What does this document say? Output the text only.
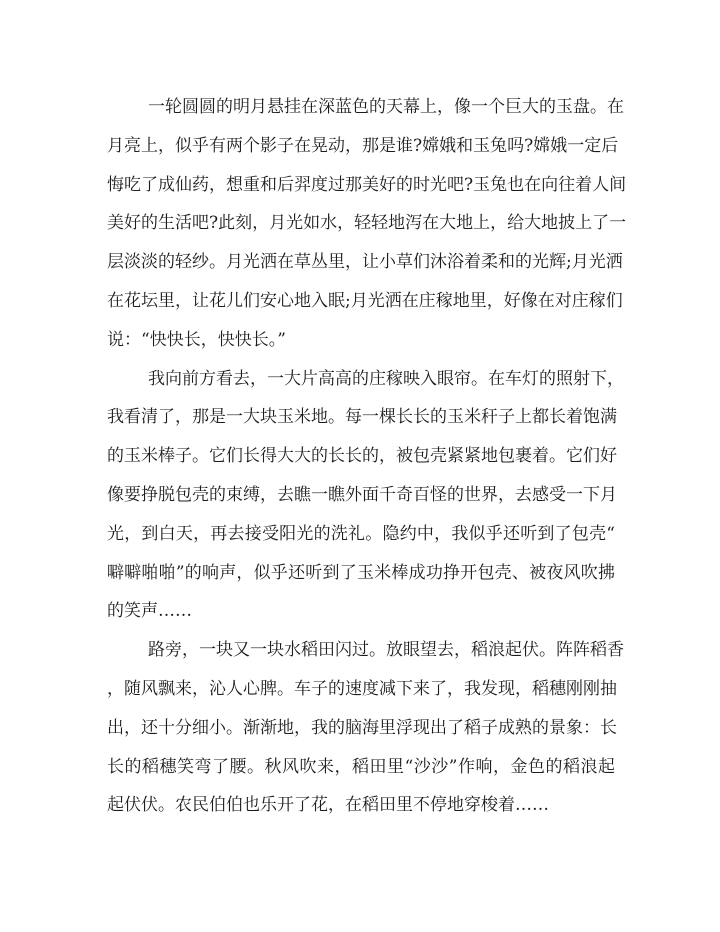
一轮圆圆的明月悬挂在深蓝色的天幕上，像一个巨大的玉盘。在
月亮上，似乎有两个影子在晃动，那是谁?嫦娥和玉兔吗?嫦娥一定后
悔吃了成仙药，想重和后羿度过那美好的时光吧?玉兔也在向往着人间
美好的生活吧?此刻，月光如水，轻轻地泻在大地上，给大地披上了一
层淡淡的轻纱。月光洒在草丛里，让小草们沐浴着柔和的光辉;月光洒
在花坛里，让花儿们安心地入眠;月光洒在庄稼地里，好像在对庄稼们
说：“快快长，快快长。”
我向前方看去，一大片高高的庄稼映入眼帘。在车灯的照射下，
我看清了，那是一大块玉米地。每一棵长长的玉米秆子上都长着饱满
的玉米棒子。它们长得大大的长长的，被包壳紧紧地包裹着。它们好
像要挣脱包壳的束缚，去瞧一瞧外面千奇百怪的世界，去感受一下月
光，到白天，再去接受阳光的洗礼。隐约中，我似乎还听到了包壳“
噼噼啪啪”的响声，似乎还听到了玉米棒成功挣开包壳、被夜风吹拂
的笑声……
路旁，一块又一块水稻田闪过。放眼望去，稻浪起伏。阵阵稻香
，随风飘来，沁人心脾。车子的速度减下来了，我发现，稻穗刚刚抽
出，还十分细小。渐渐地，我的脑海里浮现出了稻子成熟的景象：长
长的稻穗笑弯了腰。秋风吹来，稻田里“沙沙”作响，金色的稻浪起
起伏伏。农民伯伯也乐开了花，在稻田里不停地穿梭着……
